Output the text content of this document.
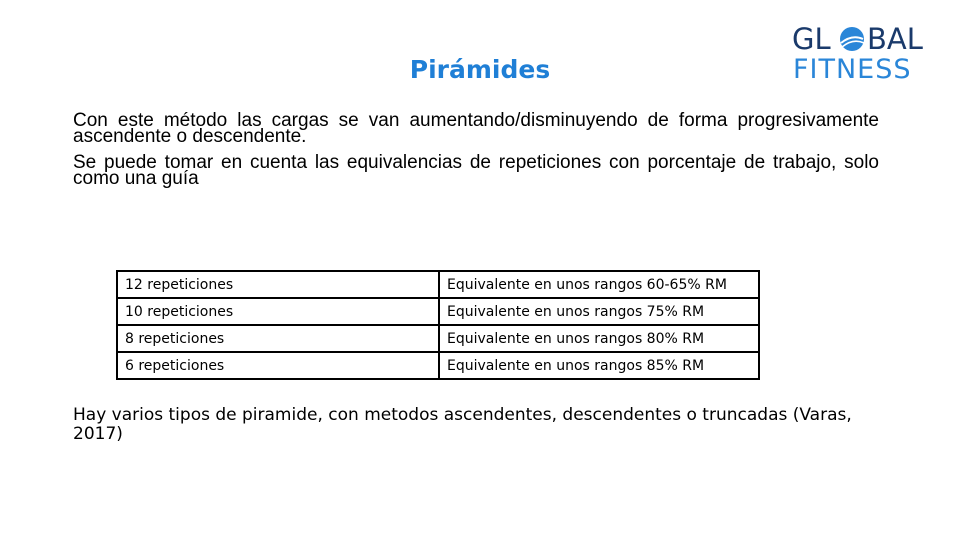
Pirámides
GL BAL
FITNESS

Con este método las cargas se van aumentando/disminuyendo de forma progresivamente ascendente o descendente.

Se puede tomar en cuenta las equivalencias de repeticiones con porcentaje de trabajo, solo como una guía

12 repeticiones	Equivalente en unos rangos 60-65% RM
10 repeticiones	Equivalente en unos rangos 75% RM
8 repeticiones	Equivalente en unos rangos 80% RM
6 repeticiones	Equivalente en unos rangos 85% RM

Hay varios tipos de piramide, con metodos ascendentes, descendentes o truncadas (Varas, 2017)
